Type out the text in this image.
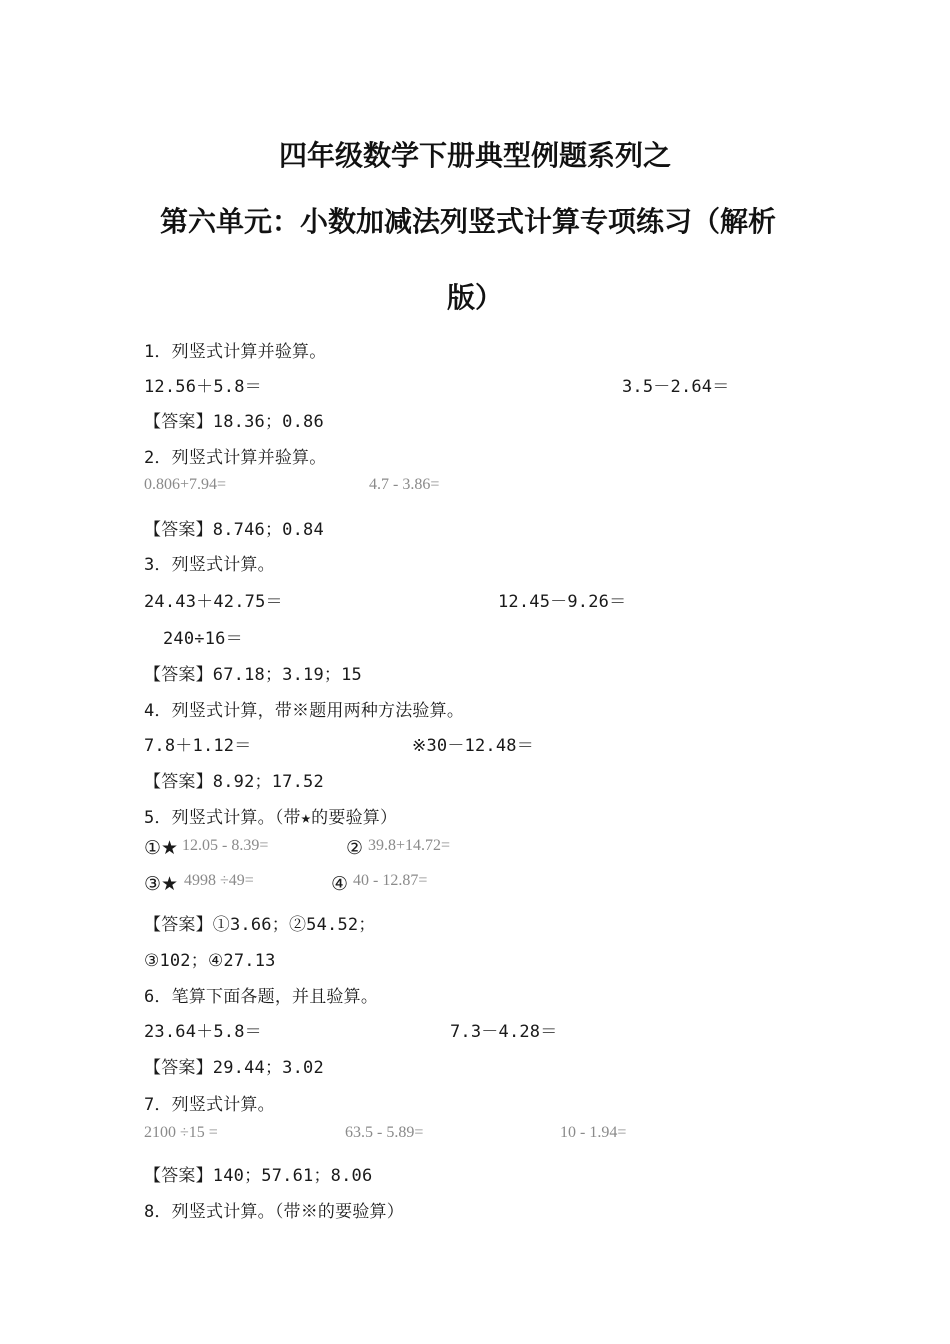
四年级数学下册典型例题系列之
第六单元：小数加减法列竖式计算专项练习（解析
版）
1．列竖式计算并验算。
12.56＋5.8＝	3.5－2.64＝
【答案】18.36；0.86
2．列竖式计算并验算。
0.806+7.94=	4.7 - 3.86=
【答案】8.746；0.84
3．列竖式计算。
24.43＋42.75＝	12.45－9.26＝
240÷16＝
【答案】67.18；3.19；15
4．列竖式计算，带※题用两种方法验算。
7.8＋1.12＝	※30－12.48＝
【答案】8.92；17.52
5．列竖式计算。（带★的要验算）
①★ 12.05 - 8.39=	② 39.8+14.72=
③★ 4998 ÷49=	④ 40 - 12.87=
【答案】①3.66；②54.52；
③102；④27.13
6．笔算下面各题，并且验算。
23.64＋5.8＝	7.3－4.28＝
【答案】29.44；3.02
7．列竖式计算。
2100 ÷15 =	63.5 - 5.89=	10 - 1.94=
【答案】140；57.61；8.06
8．列竖式计算。（带※的要验算）
